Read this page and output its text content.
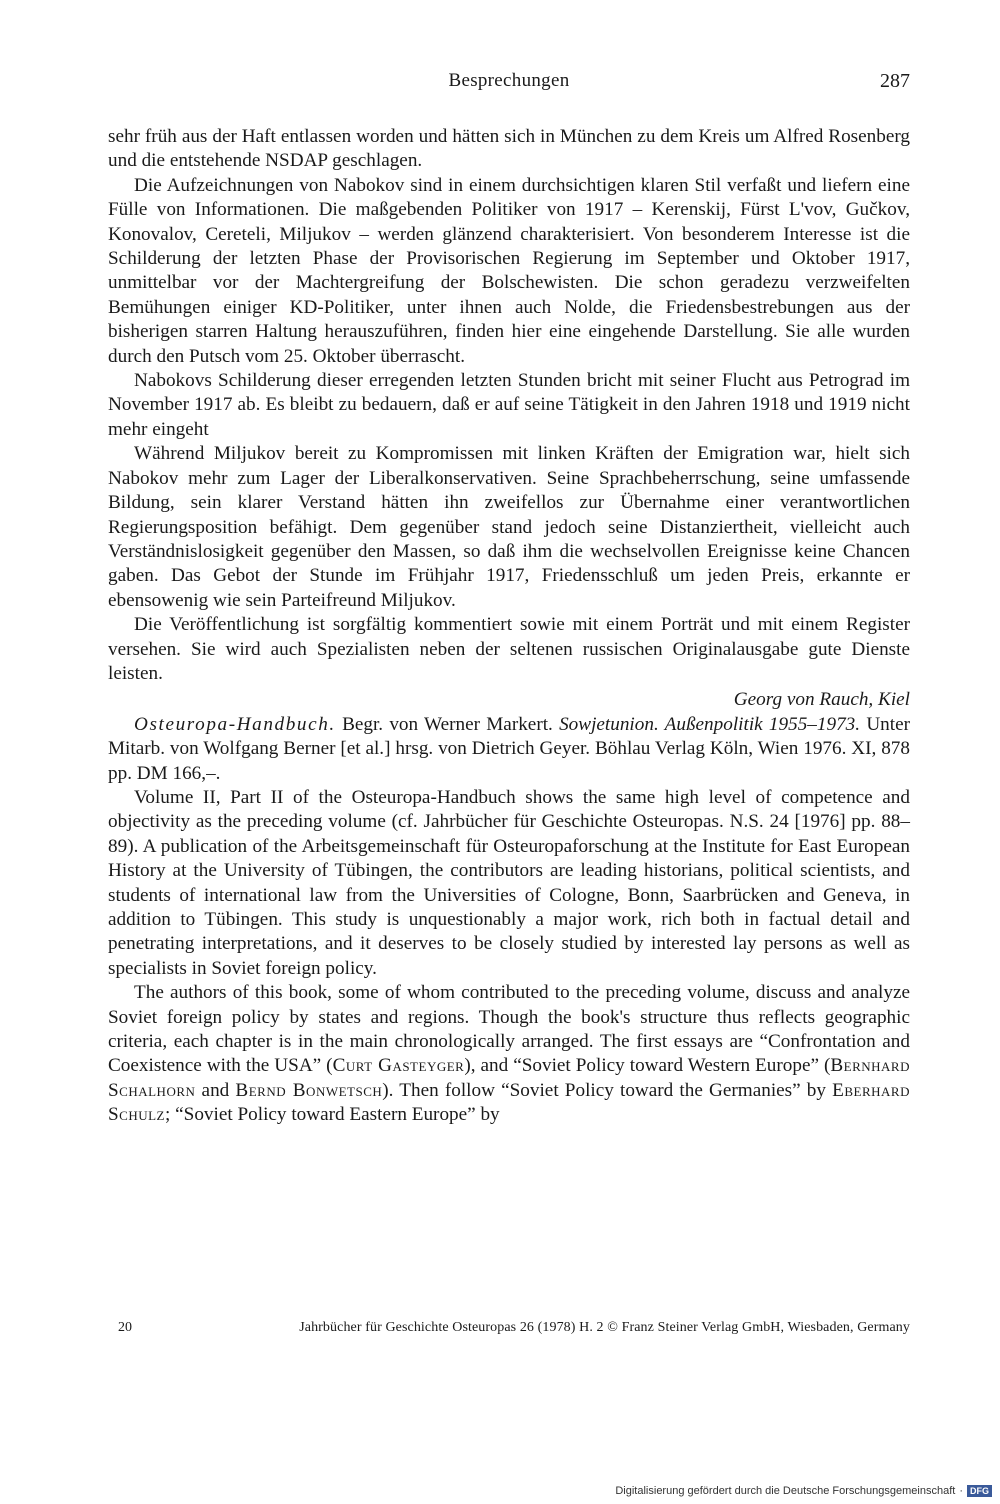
Besprechungen	287

sehr früh aus der Haft entlassen worden und hätten sich in München zu dem Kreis um Alfred Rosenberg und die entstehende NSDAP geschlagen.

Die Aufzeichnungen von Nabokov sind in einem durchsichtigen klaren Stil verfaßt und liefern eine Fülle von Informationen. Die maßgebenden Politiker von 1917 – Kerenskij, Fürst L'vov, Gučkov, Konovalov, Cereteli, Miljukov – werden glänzend charakterisiert. Von besonderem Interesse ist die Schilderung der letzten Phase der Provisorischen Regierung im September und Oktober 1917, unmittelbar vor der Machtergreifung der Bolschewisten. Die schon geradezu verzweifelten Bemühungen einiger KD-Politiker, unter ihnen auch Nolde, die Friedensbestrebungen aus der bisherigen starren Haltung herauszuführen, finden hier eine eingehende Darstellung. Sie alle wurden durch den Putsch vom 25. Oktober überrascht.

Nabokovs Schilderung dieser erregenden letzten Stunden bricht mit seiner Flucht aus Petrograd im November 1917 ab. Es bleibt zu bedauern, daß er auf seine Tätigkeit in den Jahren 1918 und 1919 nicht mehr eingeht

Während Miljukov bereit zu Kompromissen mit linken Kräften der Emigration war, hielt sich Nabokov mehr zum Lager der Liberalkonservativen. Seine Sprachbeherrschung, seine umfassende Bildung, sein klarer Verstand hätten ihn zweifellos zur Übernahme einer verantwortlichen Regierungsposition befähigt. Dem gegenüber stand jedoch seine Distanziertheit, vielleicht auch Verständnislosigkeit gegenüber den Massen, so daß ihm die wechselvollen Ereignisse keine Chancen gaben. Das Gebot der Stunde im Frühjahr 1917, Friedensschluß um jeden Preis, erkannte er ebensowenig wie sein Parteifreund Miljukov.

Die Veröffentlichung ist sorgfältig kommentiert sowie mit einem Porträt und mit einem Register versehen. Sie wird auch Spezialisten neben der seltenen russischen Originalausgabe gute Dienste leisten.

Georg von Rauch, Kiel

Osteuropa-Handbuch. Begr. von Werner Markert. Sowjetunion. Außenpolitik 1955–1973. Unter Mitarb. von Wolfgang Berner [et al.] hrsg. von Dietrich Geyer. Böhlau Verlag Köln, Wien 1976. XI, 878 pp. DM 166,–.

Volume II, Part II of the Osteuropa-Handbuch shows the same high level of competence and objectivity as the preceding volume (cf. Jahrbücher für Geschichte Osteuropas. N.S. 24 [1976] pp. 88–89). A publication of the Arbeitsgemeinschaft für Osteuropaforschung at the Institute for East European History at the University of Tübingen, the contributors are leading historians, political scientists, and students of international law from the Universities of Cologne, Bonn, Saarbrücken and Geneva, in addition to Tübingen. This study is unquestionably a major work, rich both in factual detail and penetrating interpretations, and it deserves to be closely studied by interested lay persons as well as specialists in Soviet foreign policy.

The authors of this book, some of whom contributed to the preceding volume, discuss and analyze Soviet foreign policy by states and regions. Though the book's structure thus reflects geographic criteria, each chapter is in the main chronologically arranged. The first essays are “Confrontation and Coexistence with the USA” (Curt Gasteyger), and “Soviet Policy toward Western Europe” (Bernhard Schalhorn and Bernd Bonwetsch). Then follow “Soviet Policy toward the Germanies” by Eberhard Schulz; “Soviet Policy toward Eastern Europe” by

20	Jahrbücher für Geschichte Osteuropas 26 (1978) H. 2 © Franz Steiner Verlag GmbH, Wiesbaden, Germany
Digitalisierung gefördert durch die Deutsche Forschungsgemeinschaft · DFG
